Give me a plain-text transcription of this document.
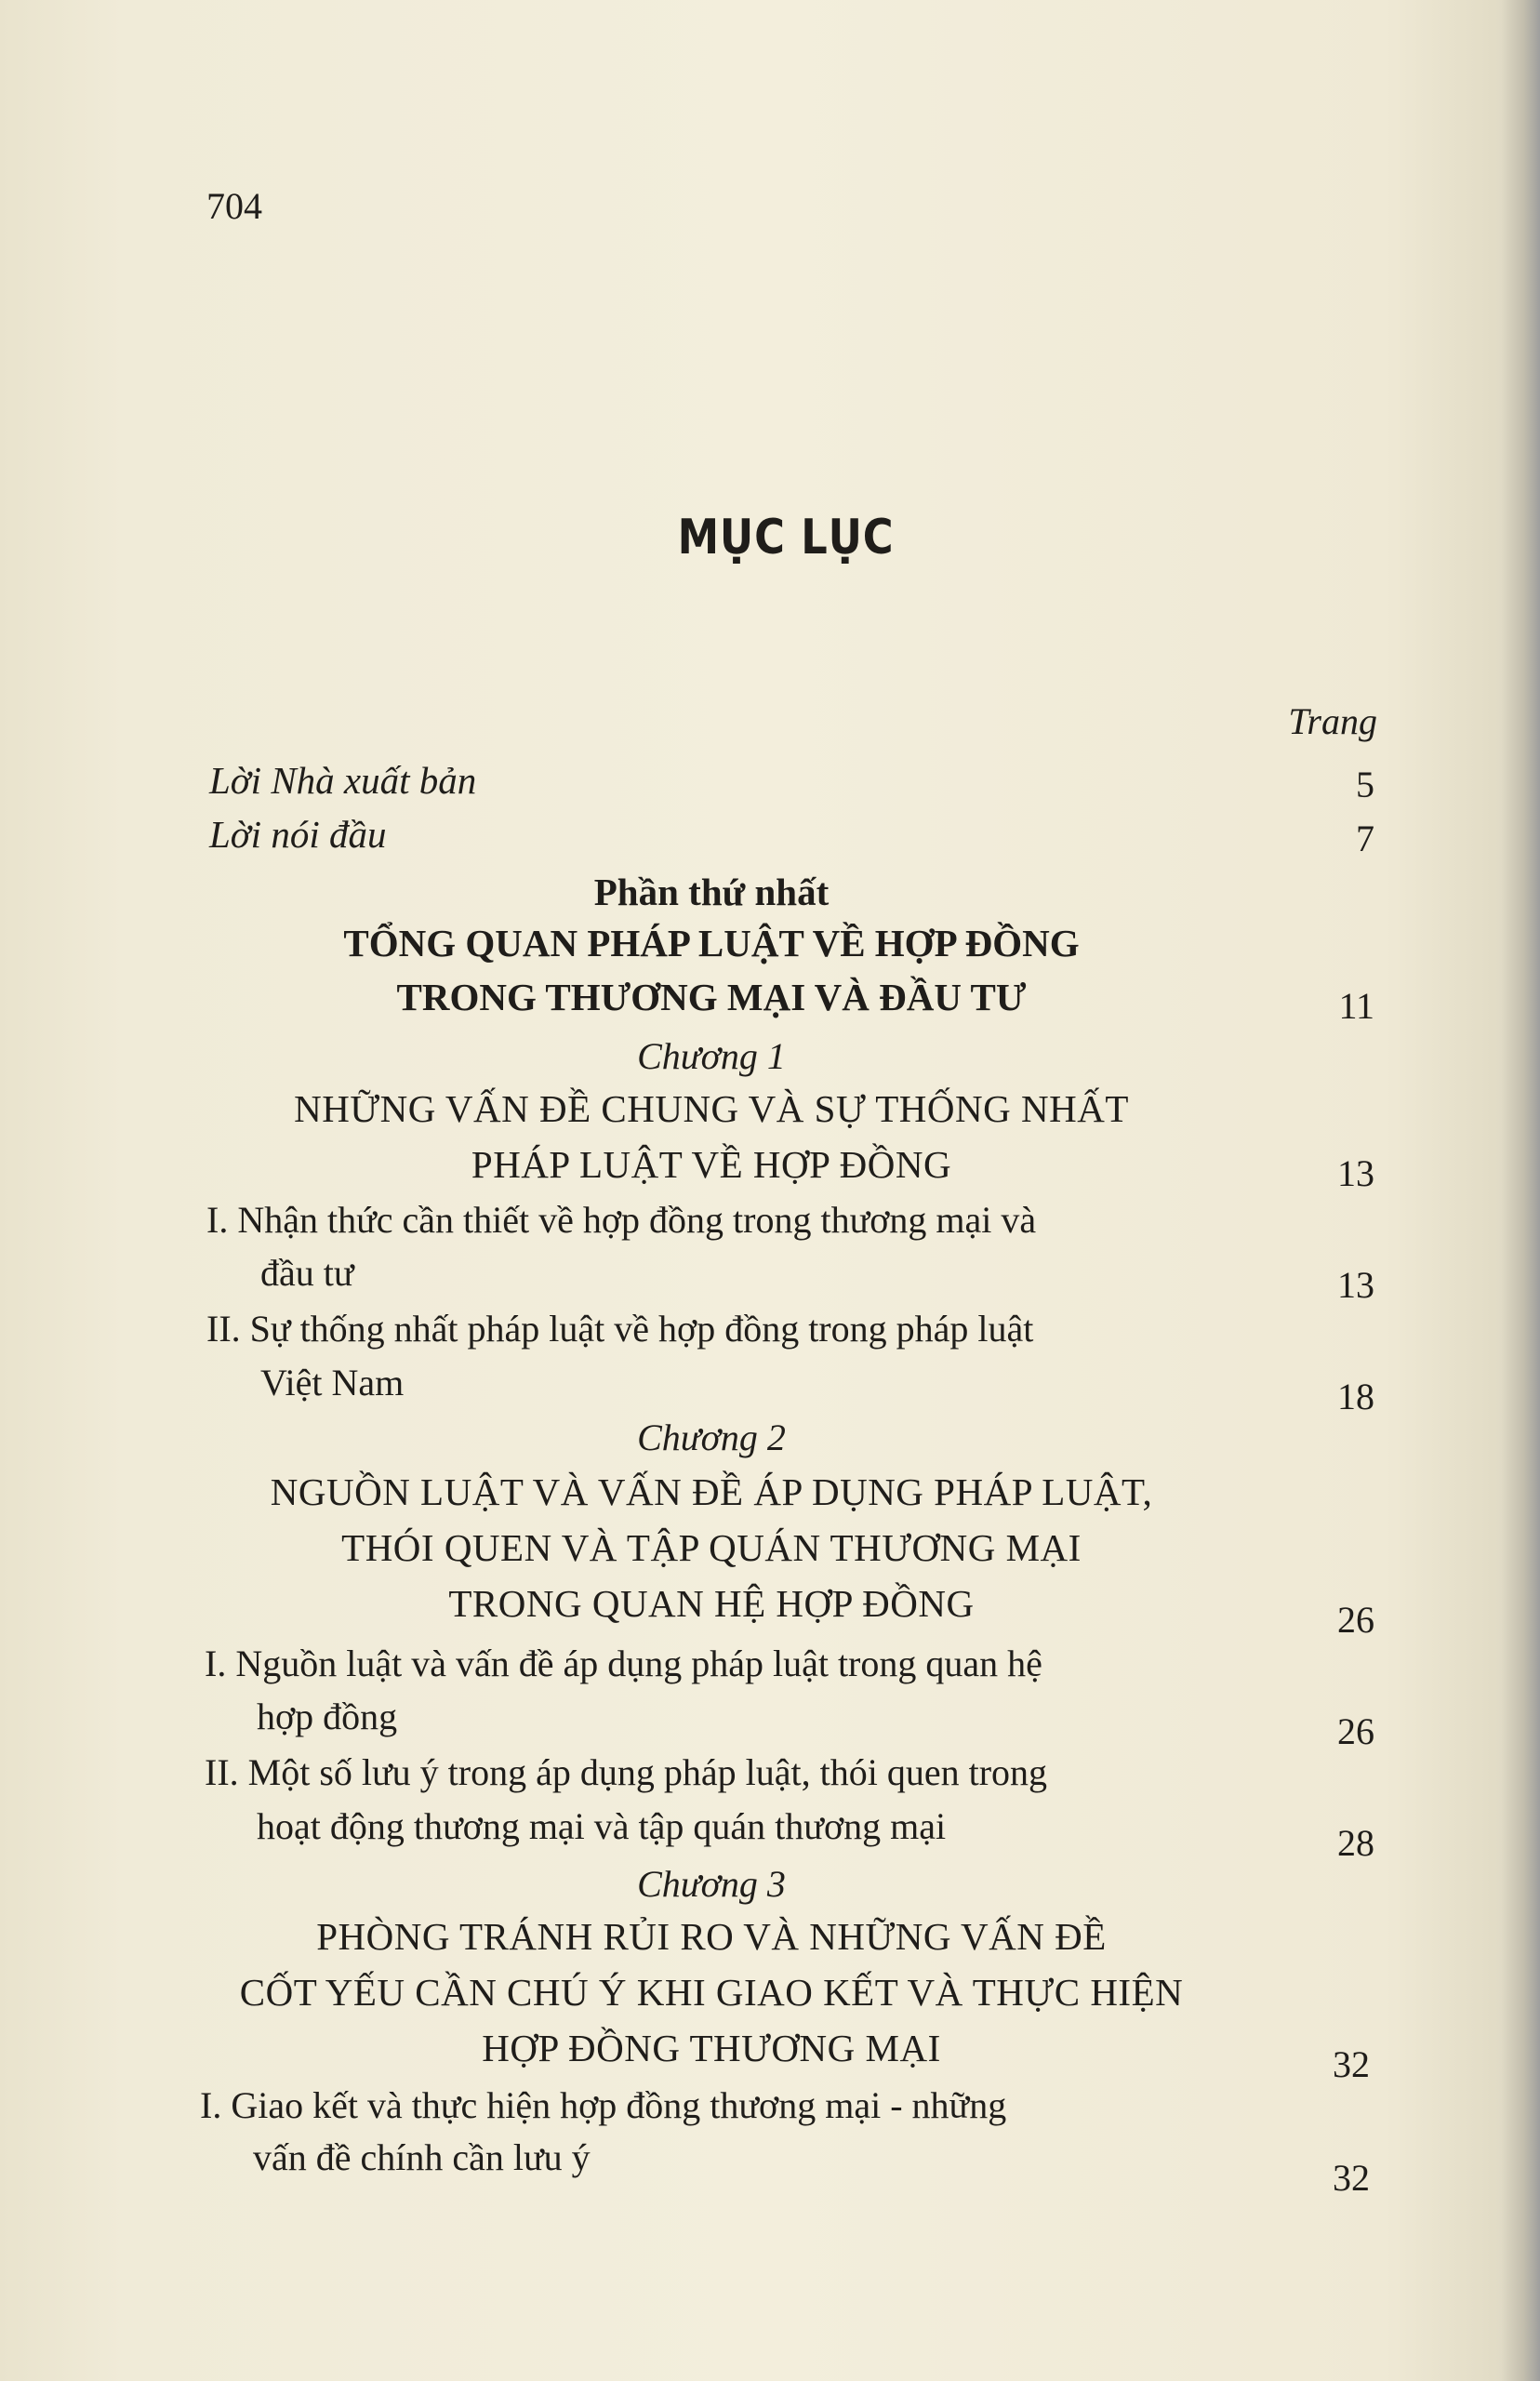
704
MỤC LỤC
Trang
Lời Nhà xuất bản	5
Lời nói đầu	7
Phần thứ nhất
TỔNG QUAN PHÁP LUẬT VỀ HỢP ĐỒNG
TRONG THƯƠNG MẠI VÀ ĐẦU TƯ	11
Chương 1
NHỮNG VẤN ĐỀ CHUNG VÀ SỰ THỐNG NHẤT
PHÁP LUẬT VỀ HỢP ĐỒNG	13
I. Nhận thức cần thiết về hợp đồng trong thương mại và
đầu tư	13
II. Sự thống nhất pháp luật về hợp đồng trong pháp luật
Việt Nam	18
Chương 2
NGUỒN LUẬT VÀ VẤN ĐỀ ÁP DỤNG PHÁP LUẬT,
THÓI QUEN VÀ TẬP QUÁN THƯƠNG MẠI
TRONG QUAN HỆ HỢP ĐỒNG	26
I. Nguồn luật và vấn đề áp dụng pháp luật trong quan hệ
hợp đồng	26
II. Một số lưu ý trong áp dụng pháp luật, thói quen trong
hoạt động thương mại và tập quán thương mại	28
Chương 3
PHÒNG TRÁNH RỦI RO VÀ NHỮNG VẤN ĐỀ
CỐT YẾU CẦN CHÚ Ý KHI GIAO KẾT VÀ THỰC HIỆN
HỢP ĐỒNG THƯƠNG MẠI	32
I. Giao kết và thực hiện hợp đồng thương mại - những
vấn đề chính cần lưu ý	32
